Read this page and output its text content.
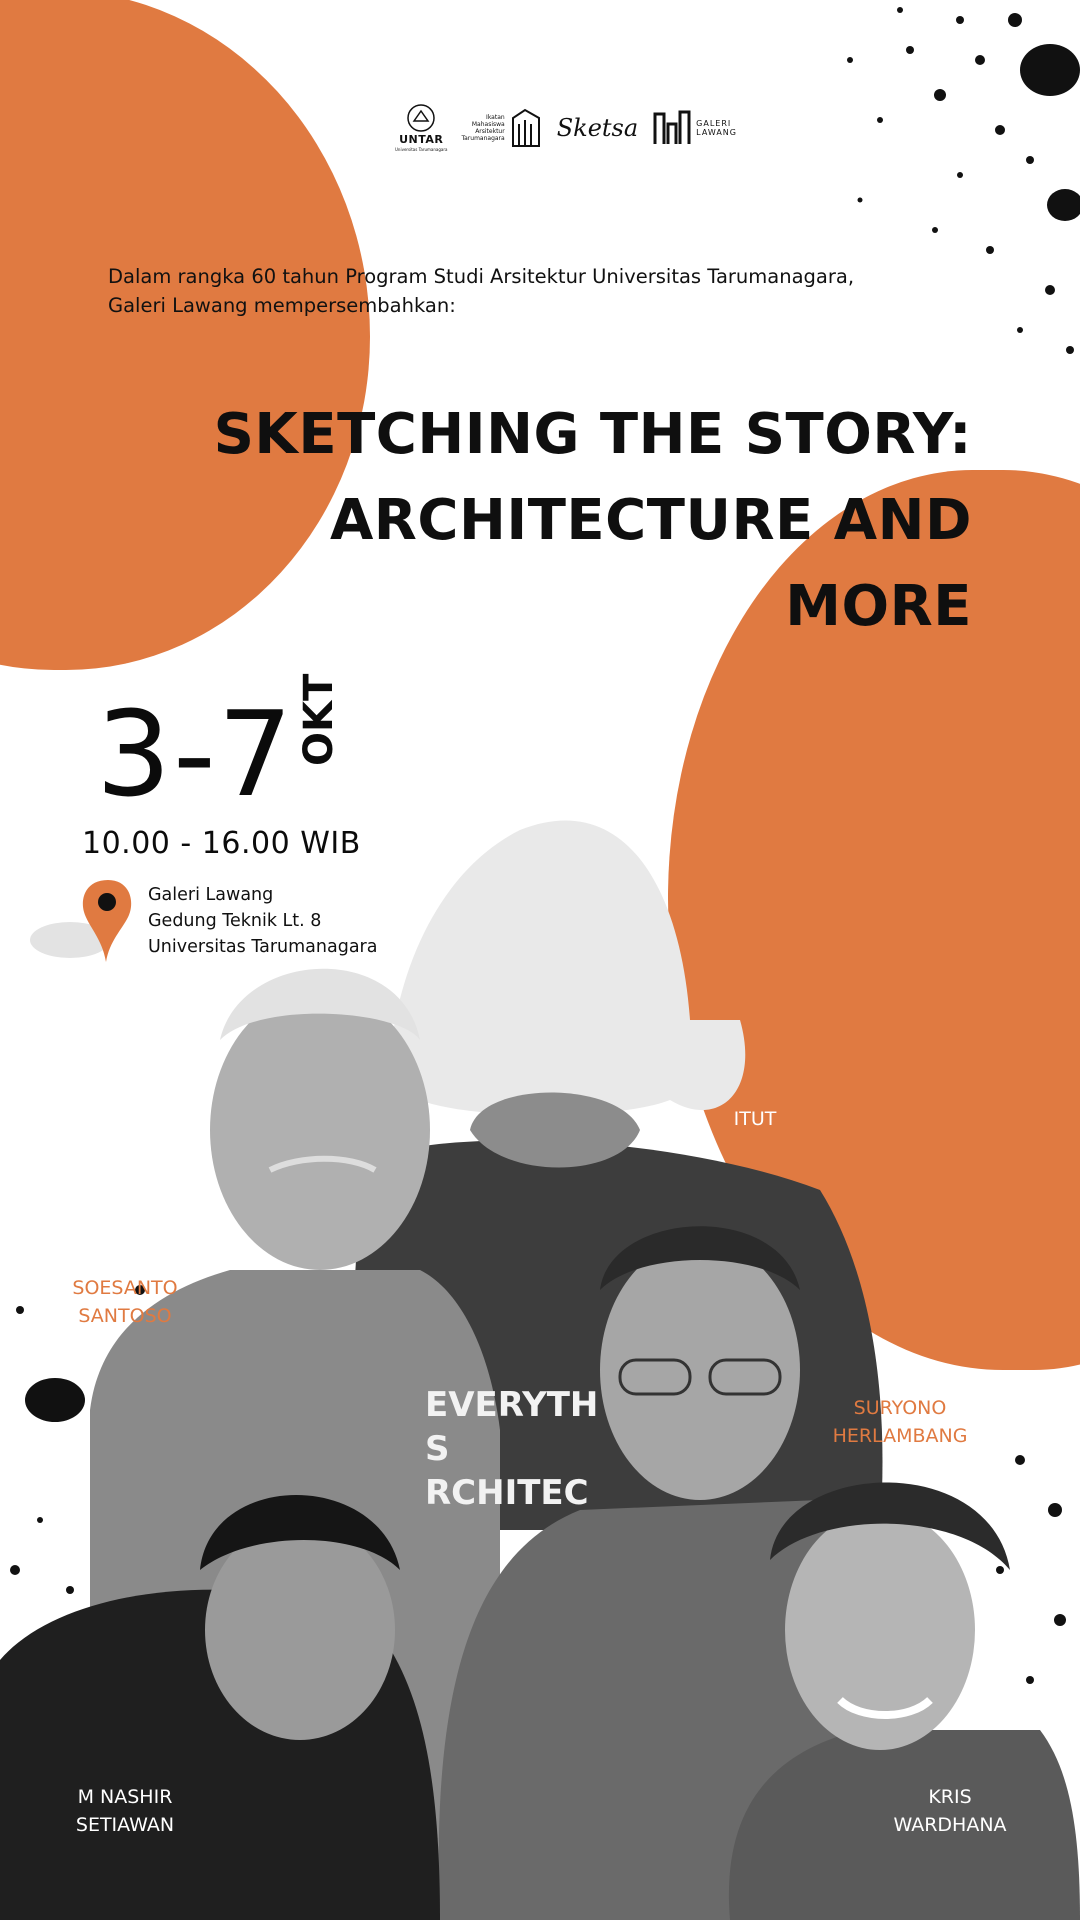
UNTAR
Universitas Tarumanagara
Ikatan
Mahasiswa
Arsitektur
Tarumanagara Sketsa	GALERI
LAWANG
Dalam rangka 60 tahun Program Studi Arsitektur Universitas Tarumanagara,
Galeri Lawang mempersembahkan:
SKETCHING THE STORY:
ARCHITECTURE AND
MORE
3-7 OKT
10.00 - 16.00 WIB
Galeri Lawang
Gedung Teknik Lt. 8
Universitas Tarumanagara
EVERYTH
S
RCHITEC
ITUT
SOESANTO
SANTOSO
SURYONO
HERLAMBANG
M NASHIR
SETIAWAN
KRIS
WARDHANA
